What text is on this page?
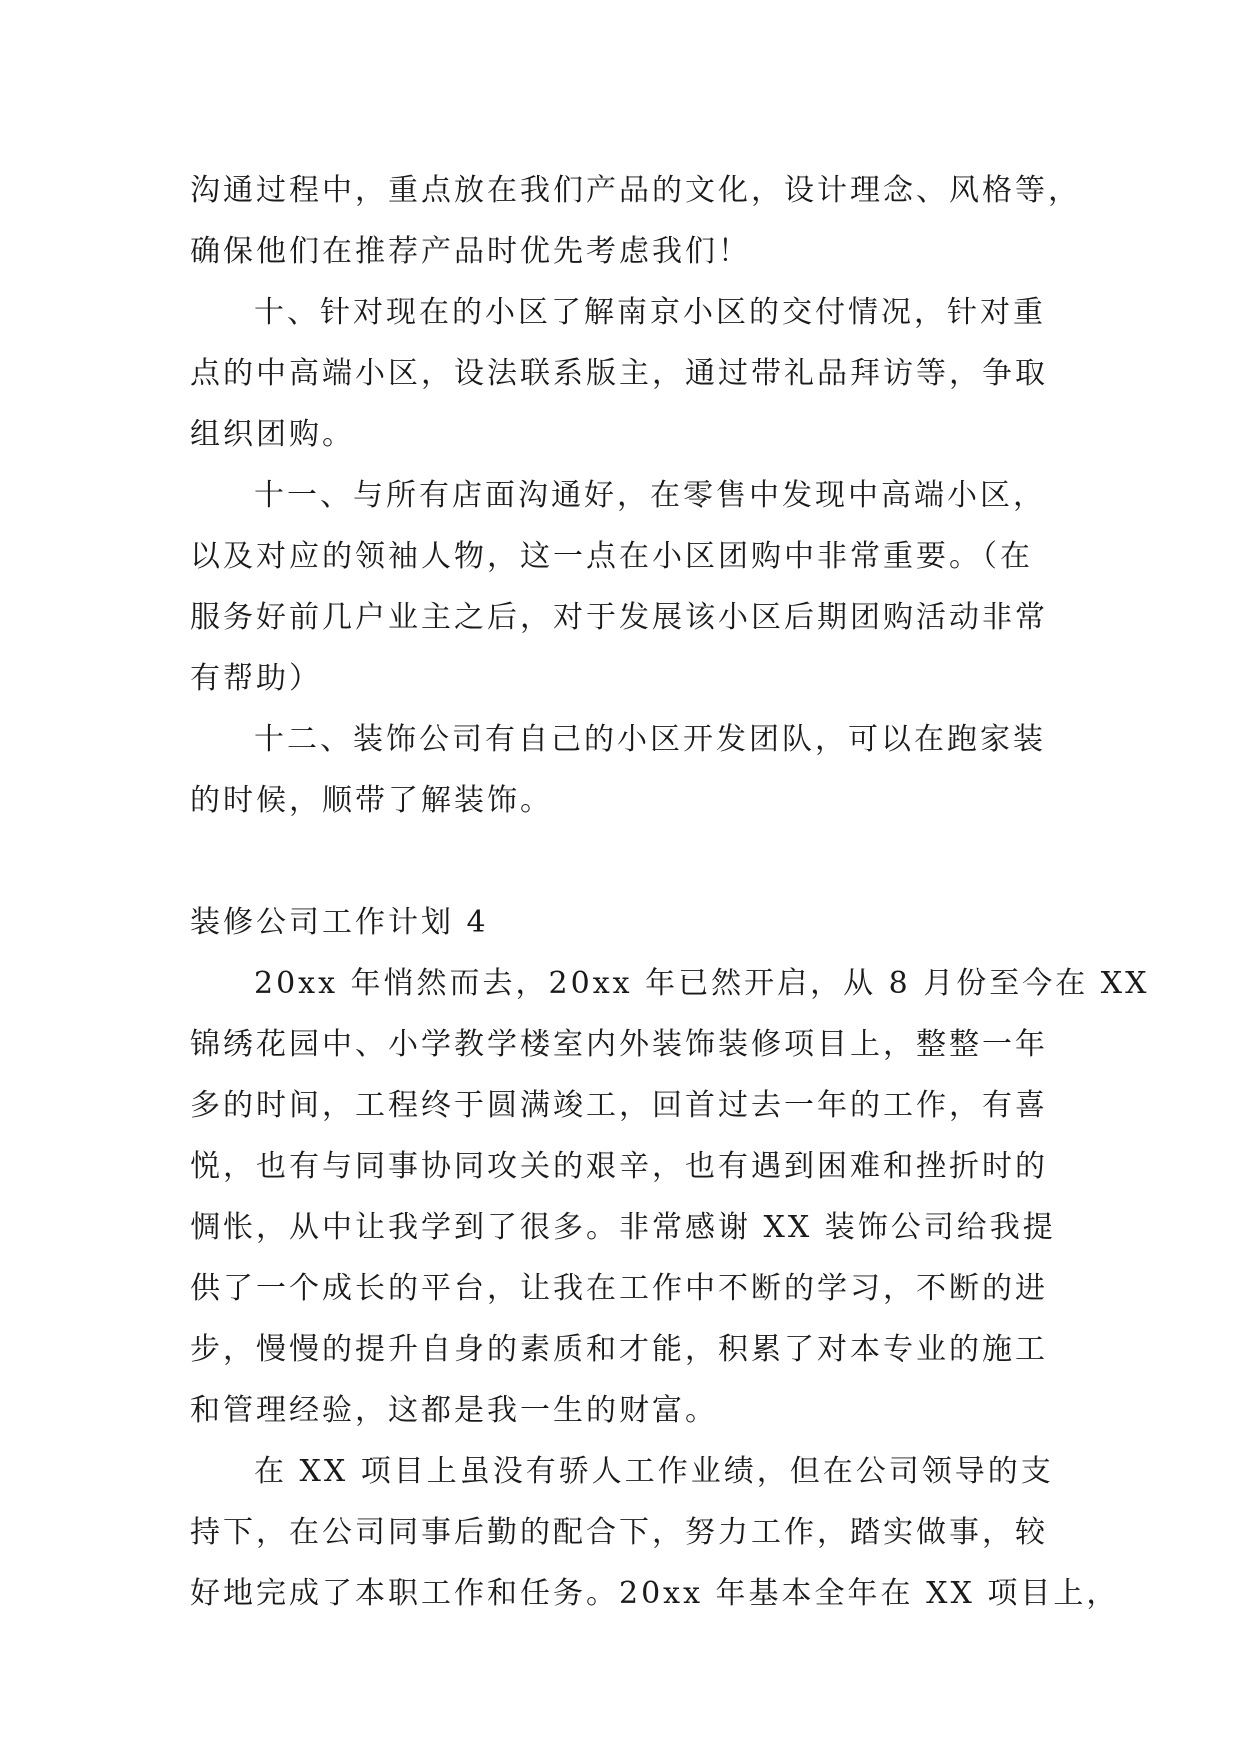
沟通过程中，重点放在我们产品的文化，设计理念、风格等，
确保他们在推荐产品时优先考虑我们！
十、针对现在的小区了解南京小区的交付情况，针对重
点的中高端小区，设法联系版主，通过带礼品拜访等，争取
组织团购。
十一、与所有店面沟通好，在零售中发现中高端小区，
以及对应的领袖人物，这一点在小区团购中非常重要。（在
服务好前几户业主之后，对于发展该小区后期团购活动非常
有帮助）
十二、装饰公司有自己的小区开发团队，可以在跑家装
的时候，顺带了解装饰。
装修公司工作计划 4
20xx 年悄然而去，20xx 年已然开启，从 8 月份至今在 XX
锦绣花园中、小学教学楼室内外装饰装修项目上，整整一年
多的时间，工程终于圆满竣工，回首过去一年的工作，有喜
悦，也有与同事协同攻关的艰辛，也有遇到困难和挫折时的
惆怅，从中让我学到了很多。非常感谢 XX 装饰公司给我提
供了一个成长的平台，让我在工作中不断的学习，不断的进
步，慢慢的提升自身的素质和才能，积累了对本专业的施工
和管理经验，这都是我一生的财富。
在 XX 项目上虽没有骄人工作业绩，但在公司领导的支
持下，在公司同事后勤的配合下，努力工作，踏实做事，较
好地完成了本职工作和任务。20xx 年基本全年在 XX 项目上，
